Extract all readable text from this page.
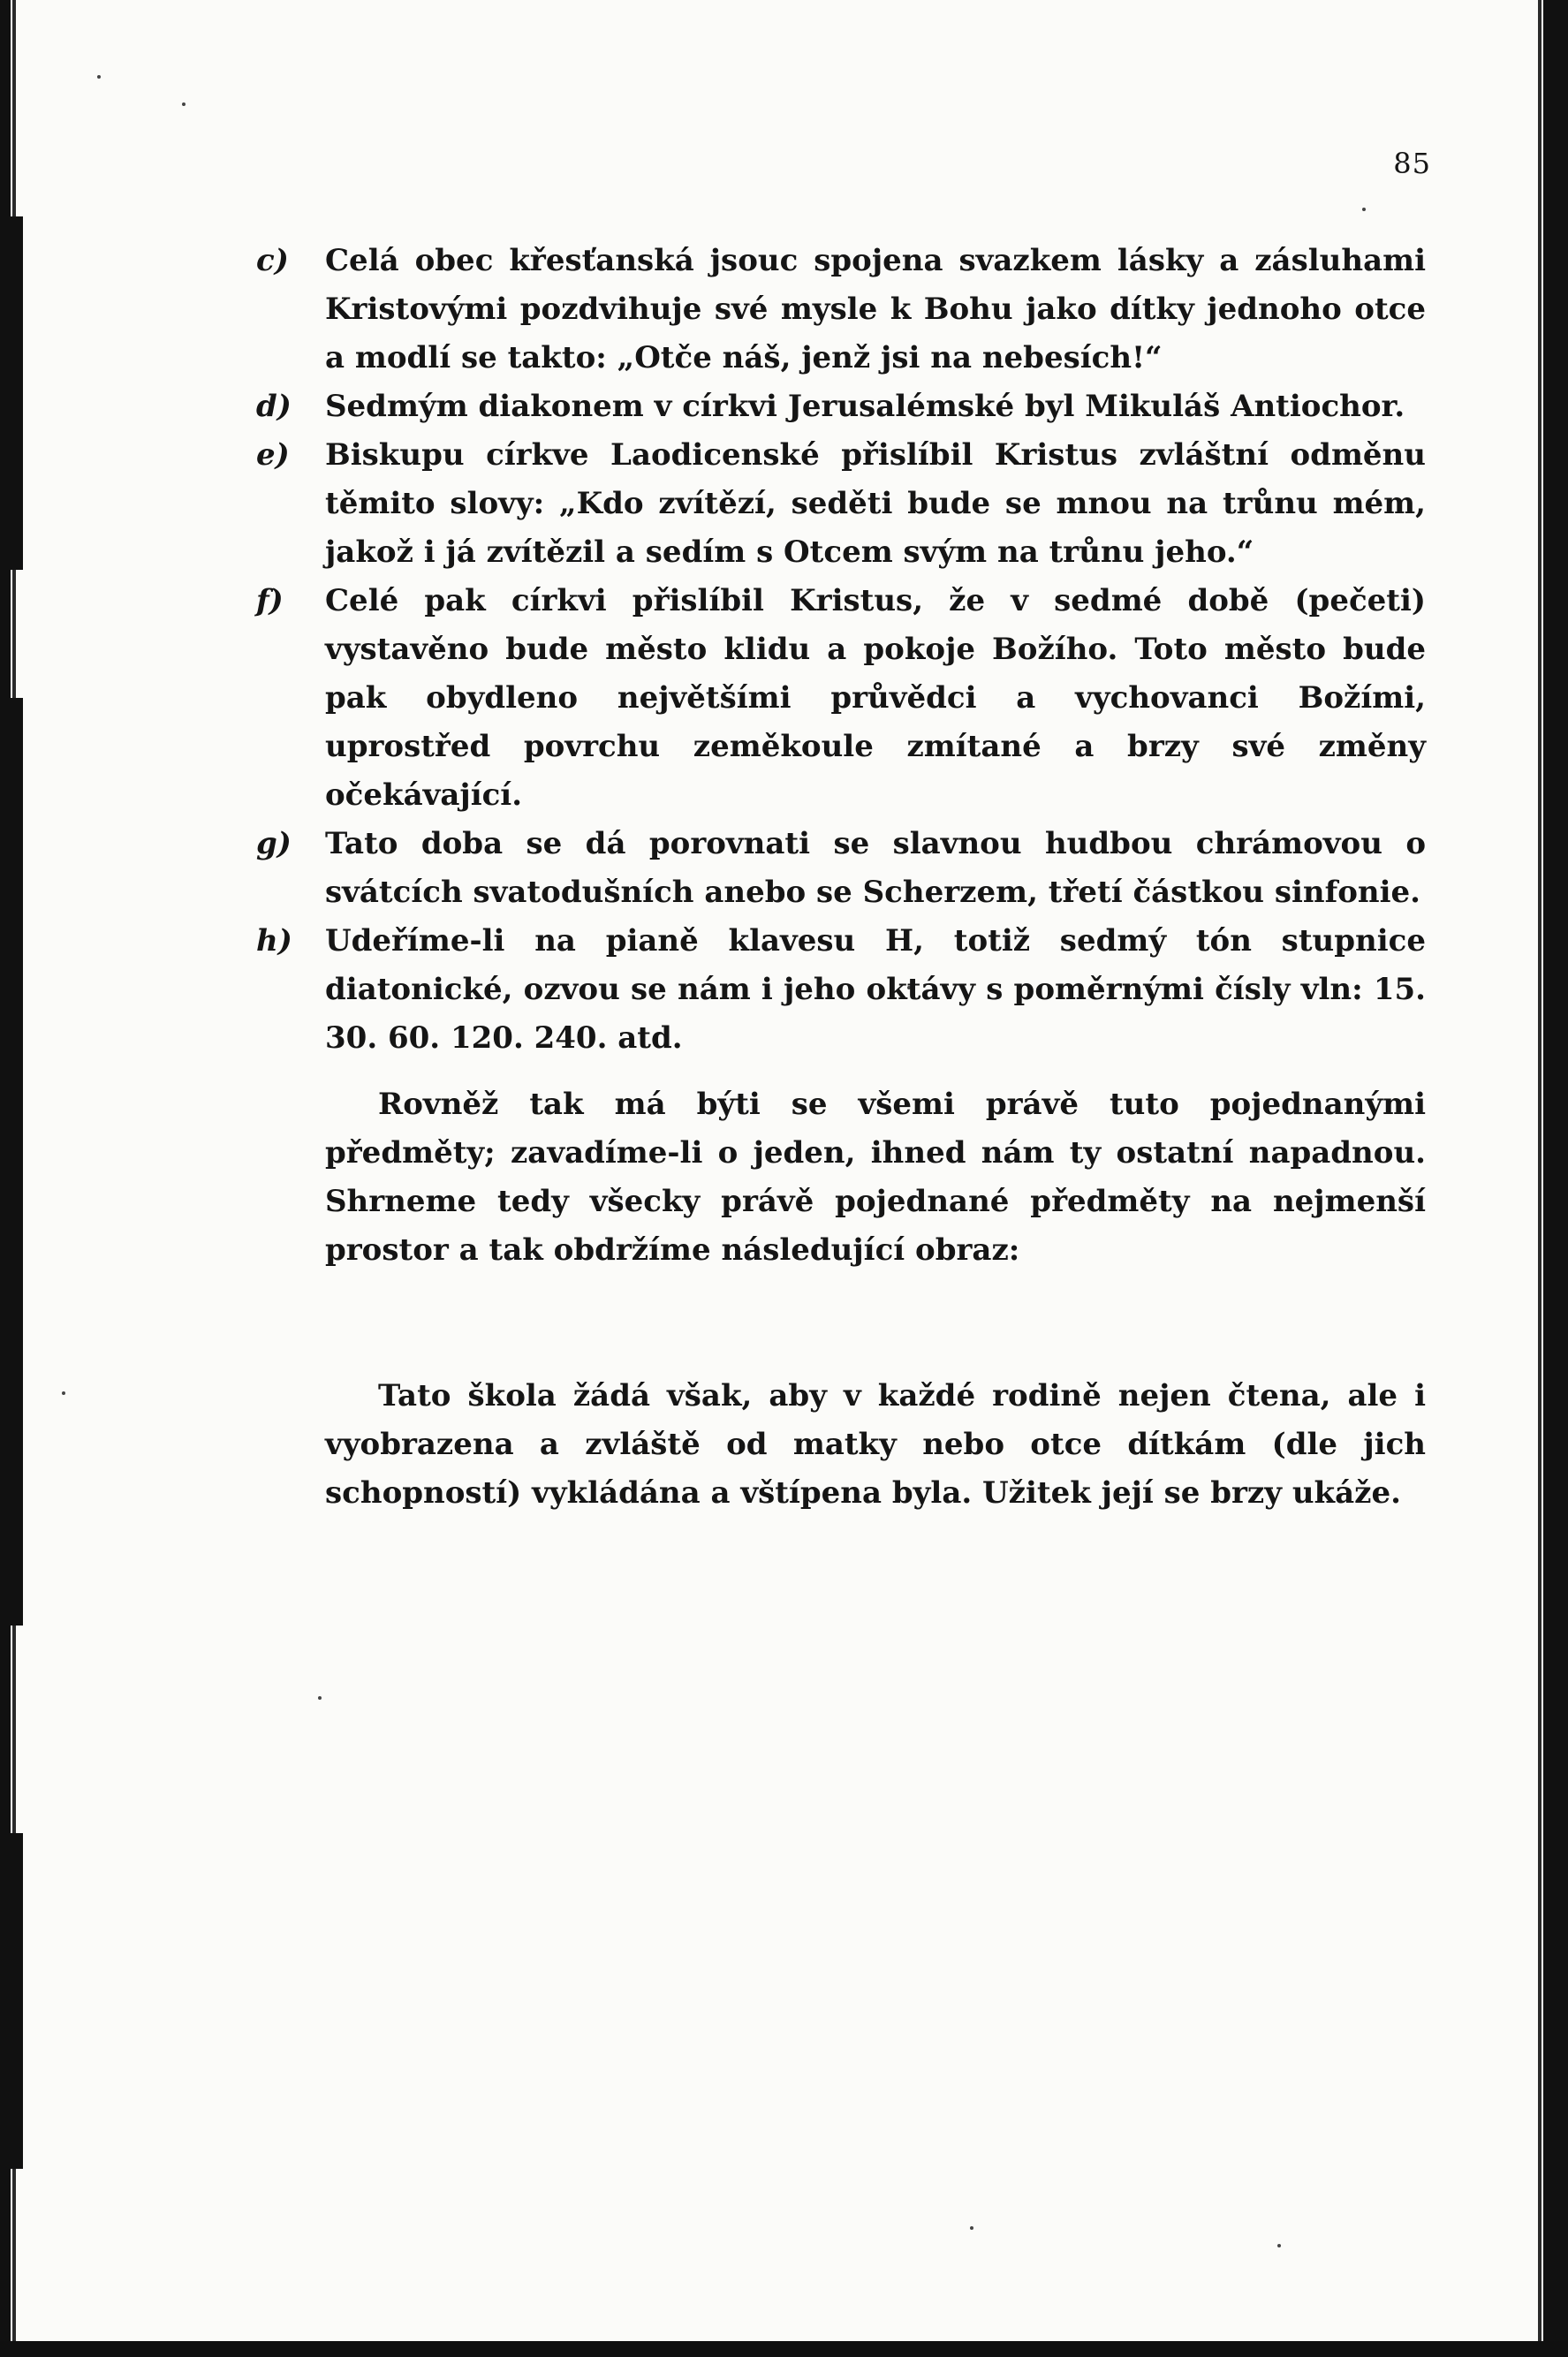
85
c)	Celá obec křesťanská jsouc spojena svazkem lásky a zásluhami Kristovými pozdvihuje své mysle k Bohu jako dítky jednoho otce a modlí se takto: „Otče náš, jenž jsi na nebesích!“
d)	Sedmým diakonem v církvi Jerusalémské byl Mikuláš Antiochor.
e)	Biskupu církve Laodicenské přislíbil Kristus zvláštní odměnu těmito slovy: „Kdo zvítězí, seděti bude se mnou na trůnu mém, jakož i já zvítězil a sedím s Otcem svým na trůnu jeho.“
f)	Celé pak církvi přislíbil Kristus, že v sedmé době (pečeti) vystavěno bude město klidu a pokoje Božího. Toto město bude pak obydleno největšími průvědci a vychovanci Božími, uprostřed povrchu zeměkoule zmítané a brzy své změny očekávající.
g)	Tato doba se dá porovnati se slavnou hudbou chrámovou o svátcích svatodušních anebo se Scherzem, třetí částkou sinfonie.
h)	Udeříme-li na pianě klavesu H, totiž sedmý tón stupnice diatonické, ozvou se nám i jeho oktávy s poměrnými čísly vln: 15. 30. 60. 120. 240. atd.

Rovněž tak má býti se všemi právě tuto pojednanými předměty; zavadíme-li o jeden, ihned nám ty ostatní napadnou. Shrneme tedy všecky právě pojednané předměty na nejmenší prostor a tak obdržíme následující obraz:

Tato škola žádá však, aby v každé rodině nejen čtena, ale i vyobrazena a zvláště od matky nebo otce dítkám (dle jich schopností) vykládána a vštípena byla. Užitek její se brzy ukáže.
